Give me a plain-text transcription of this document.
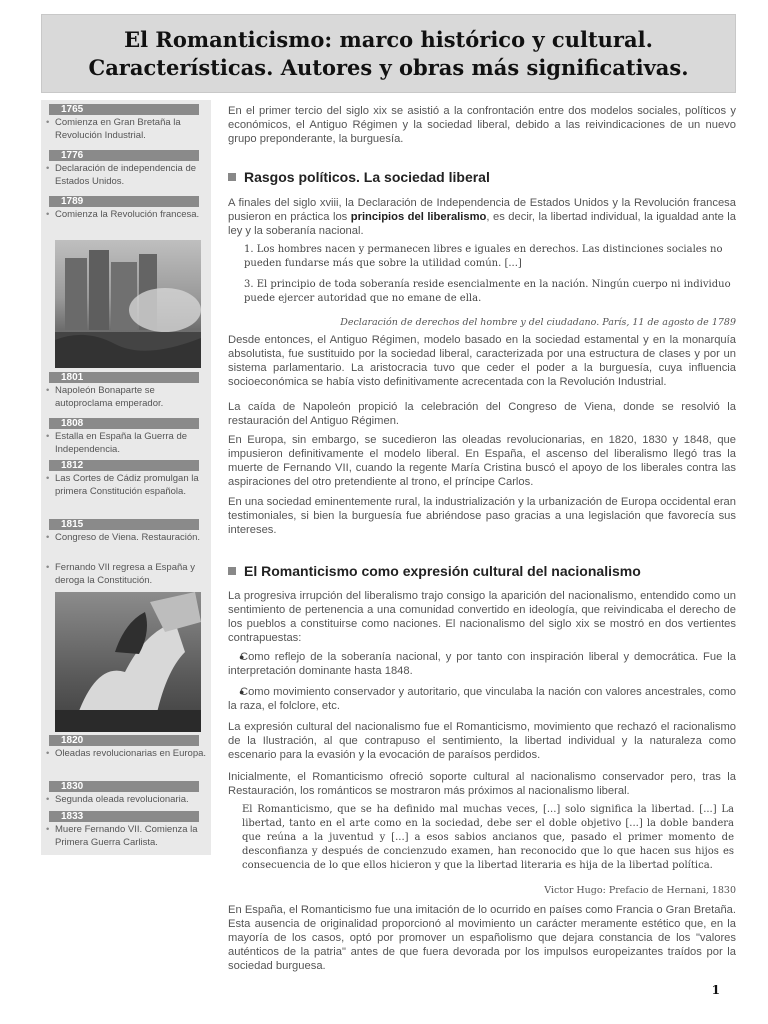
El Romanticismo: marco histórico y cultural.
Características. Autores y obras más significativas.
1765
• Comienza en Gran Bretaña la Revolución Industrial.
1776
• Declaración de independencia de Estados Unidos.
1789
• Comienza la Revolución francesa.
1801
• Napoleón Bonaparte se autoproclama emperador.
1808
• Estalla en España la Guerra de Independencia.
1812
• Las Cortes de Cádiz promulgan la primera Constitución española.
1815
• Congreso de Viena. Restauración.
• Fernando VII regresa a España y deroga la Constitución.
1820
• Oleadas revolucionarias en Europa.
1830
• Segunda oleada revolucionaria.
1833
• Muere Fernando VII. Comienza la Primera Guerra Carlista.

En el primer tercio del siglo xix se asistió a la confrontación entre dos modelos sociales, políticos y económicos, el Antiguo Régimen y la sociedad liberal, debido a las reivindicaciones de un nuevo grupo preponderante, la burguesía.

Rasgos políticos. La sociedad liberal

A finales del siglo xviii, la Declaración de Independencia de Estados Unidos y la Revolución francesa pusieron en práctica los principios del liberalismo, es decir, la libertad individual, la igualdad ante la ley y la soberanía nacional.

1. Los hombres nacen y permanecen libres e iguales en derechos. Las distinciones sociales no pueden fundarse más que sobre la utilidad común. [...]
3. El principio de toda soberanía reside esencialmente en la nación. Ningún cuerpo ni individuo puede ejercer autoridad que no emane de ella.
Declaración de derechos del hombre y del ciudadano. París, 11 de agosto de 1789

Desde entonces, el Antiguo Régimen, modelo basado en la sociedad estamental y en la monarquía absolutista, fue sustituido por la sociedad liberal, caracterizada por una estructura de clases y por un sistema parlamentario. La aristocracia tuvo que ceder el poder a la burguesía, cuya influencia socioeconómica se había visto definitivamente acrecentada con la Revolución Industrial.

La caída de Napoleón propició la celebración del Congreso de Viena, donde se resolvió la restauración del Antiguo Régimen.

En Europa, sin embargo, se sucedieron las oleadas revolucionarias, en 1820, 1830 y 1848, que impusieron definitivamente el modelo liberal. En España, el ascenso del liberalismo llegó tras la muerte de Fernando VII, cuando la regente María Cristina buscó el apoyo de los liberales contra las aspiraciones del otro pretendiente al trono, el príncipe Carlos.

En una sociedad eminentemente rural, la industrialización y la urbanización de Europa occidental eran testimoniales, si bien la burguesía fue abriéndose paso gracias a una legislación que favorecía sus intereses.

El Romanticismo como expresión cultural del nacionalismo

La progresiva irrupción del liberalismo trajo consigo la aparición del nacionalismo, entendido como un sentimiento de pertenencia a una comunidad convertido en ideología, que reivindicaba el derecho de los pueblos a constituirse como naciones. El nacionalismo del siglo xix se mostró en dos vertientes contrapuestas:

● Como reflejo de la soberanía nacional, y por tanto con inspiración liberal y democrática. Fue la interpretación dominante hasta 1848.

● Como movimiento conservador y autoritario, que vinculaba la nación con valores ancestrales, como la raza, el folclore, etc.

La expresión cultural del nacionalismo fue el Romanticismo, movimiento que rechazó el racionalismo de la Ilustración, al que contrapuso el sentimiento, la libertad individual y la naturaleza como escenario para la evasión y la evocación de paraísos perdidos.

Inicialmente, el Romanticismo ofreció soporte cultural al nacionalismo conservador pero, tras la Restauración, los románticos se mostraron más próximos al nacionalismo liberal.

El Romanticismo, que se ha definido mal muchas veces, [...] solo significa la libertad. [...] La libertad, tanto en el arte como en la sociedad, debe ser el doble objetivo [...] la doble bandera que reúna a la juventud y [...] a esos sabios ancianos que, pasado el primer momento de desconfianza y después de concienzudo examen, han reconocido que lo que hacen sus hijos es consecuencia de lo que ellos hicieron y que la libertad literaria es hija de la libertad política.
Victor Hugo: Prefacio de Hernani, 1830

En España, el Romanticismo fue una imitación de lo ocurrido en países como Francia o Gran Bretaña. Esta ausencia de originalidad proporcionó al movimiento un carácter meramente estético que, en la mayoría de los casos, optó por promover un españolismo que dejara constancia de los "valores auténticos de la patria" antes de que fuera devorada por los impulsos europeizantes traídos por la sociedad burguesa.

1
